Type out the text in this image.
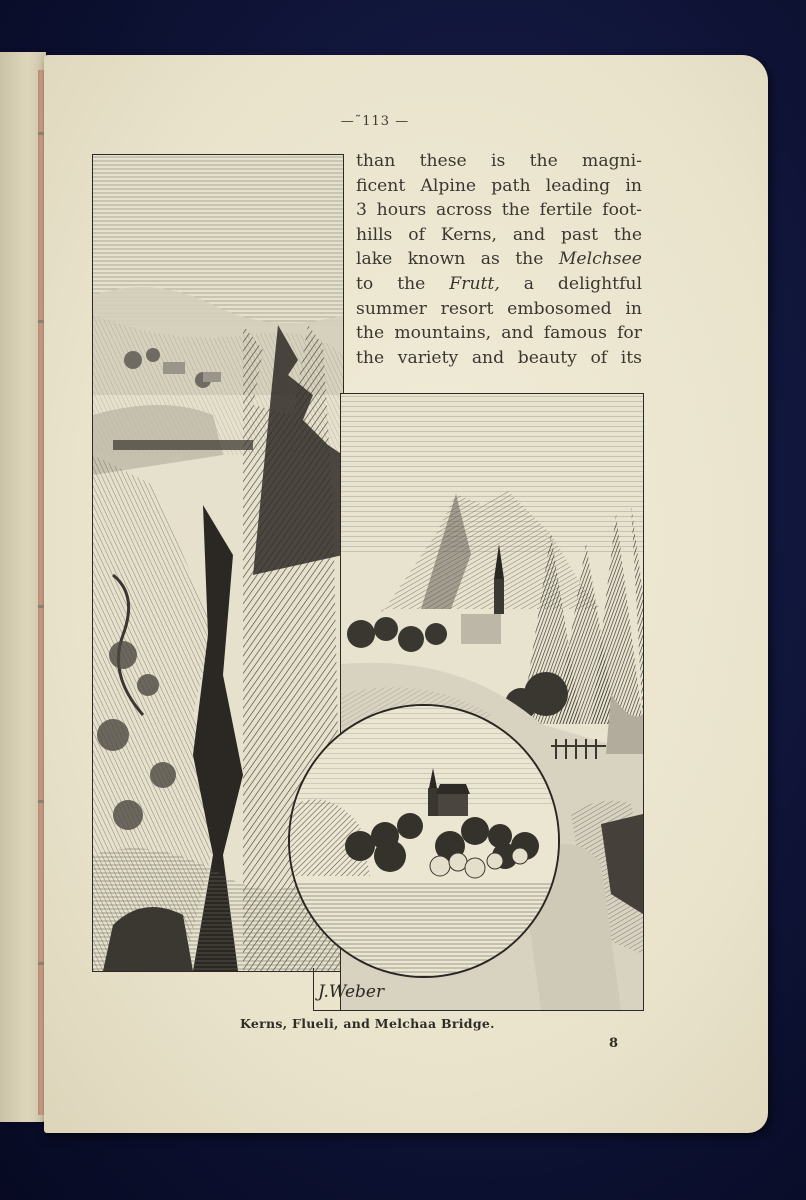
—˜113 —
than these is the magni-
ficent Alpine path leading in
3 hours across the fertile foot-
hills of Kerns, and past the
lake known as the Melchsee
to the Frutt, a delightful
summer resort embosomed in
the mountains, and famous for
the variety and beauty of its
J.Weber
Kerns, Flueli, and Melchaa Bridge.
8
